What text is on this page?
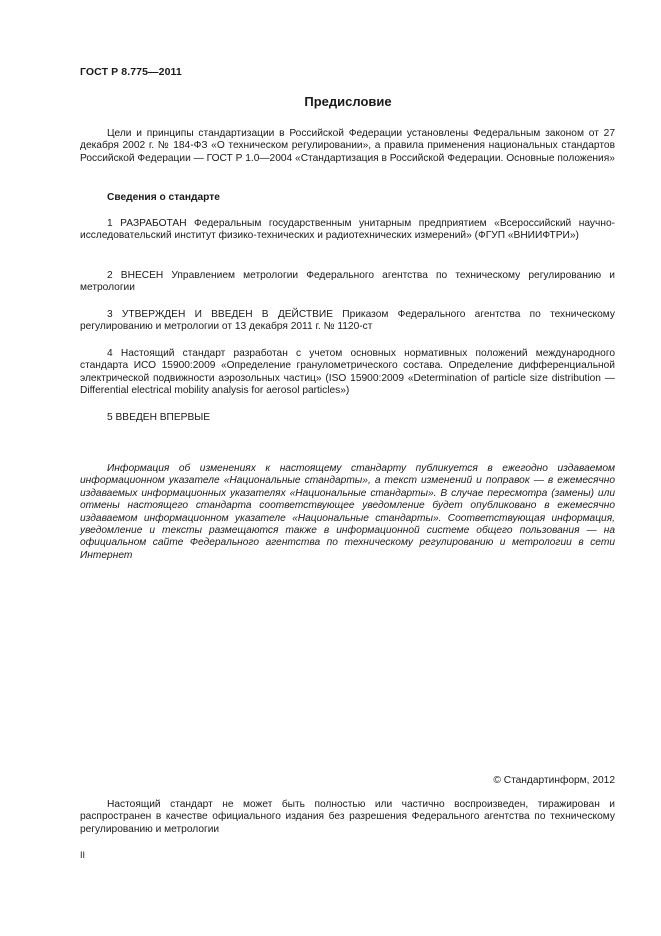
ГОСТ Р 8.775—2011
Предисловие

Цели и принципы стандартизации в Российской Федерации установлены Федеральным законом от 27 декабря 2002 г. № 184-ФЗ «О техническом регулировании», а правила применения национальных стандартов Российской Федерации — ГОСТ Р 1.0—2004 «Стандартизация в Российской Федерации. Основные положения»

Сведения о стандарте

1 РАЗРАБОТАН Федеральным государственным унитарным предприятием «Всероссийский научно-исследовательский институт физико-технических и радиотехнических измерений» (ФГУП «ВНИИФТРИ»)

2 ВНЕСЕН Управлением метрологии Федерального агентства по техническому регулированию и метрологии

3 УТВЕРЖДЕН И ВВЕДЕН В ДЕЙСТВИЕ Приказом Федерального агентства по техническому регулированию и метрологии от 13 декабря 2011 г. № 1120-ст

4 Настоящий стандарт разработан с учетом основных нормативных положений международного стандарта ИСО 15900:2009 «Определение гранулометрического состава. Определение дифференциальной электрической подвижности аэрозольных частиц» (ISO 15900:2009 «Determination of particle size distribution — Differential electrical mobility analysis for aerosol particles»)

5 ВВЕДЕН ВПЕРВЫЕ

Информация об изменениях к настоящему стандарту публикуется в ежегодно издаваемом информационном указателе «Национальные стандарты», а текст изменений и поправок — в ежемесячно издаваемых информационных указателях «Национальные стандарты». В случае пересмотра (замены) или отмены настоящего стандарта соответствующее уведомление будет опубликовано в ежемесячно издаваемом информационном указателе «Национальные стандарты». Соответствующая информация, уведомление и тексты размещаются также в информационной системе общего пользования — на официальном сайте Федерального агентства по техническому регулированию и метрологии в сети Интернет

© Стандартинформ, 2012

Настоящий стандарт не может быть полностью или частично воспроизведен, тиражирован и распространен в качестве официального издания без разрешения Федерального агентства по техническому регулированию и метрологии

II
